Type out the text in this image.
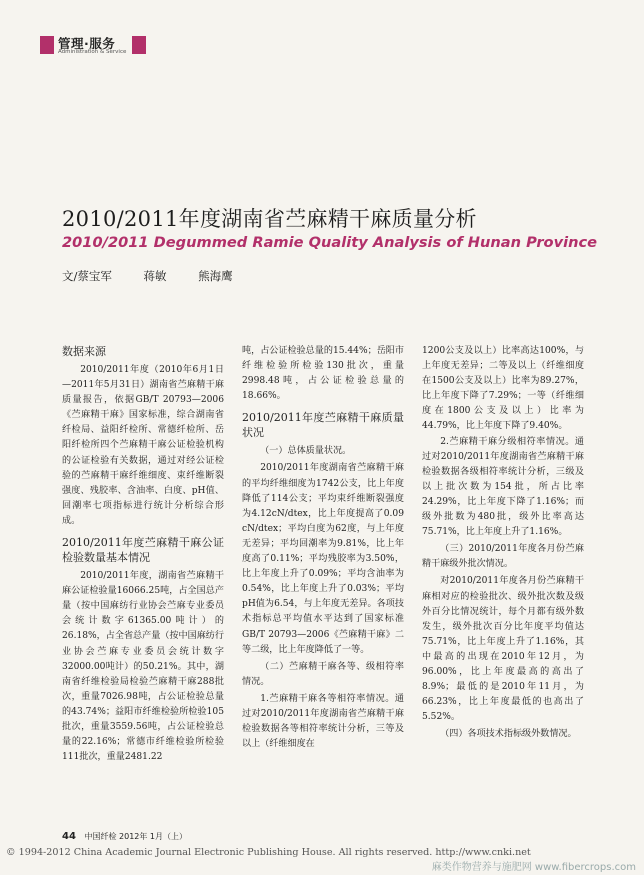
管理·服务
Administration & Service
2010/2011年度湖南省苎麻精干麻质量分析
2010/2011 Degummed Ramie Quality Analysis of Hunan Province
文/蔡宝军	蒋敏	熊海鹰
数据来源

2010/2011年度（2010年6月1日—2011年5月31日）湖南省苎麻精干麻质量报告，依据GB/T 20793—2006《苎麻精干麻》国家标准，综合湖南省纤检局、益阳纤检所、常德纤检所、岳阳纤检所四个苎麻精干麻公证检验机构的公证检验有关数据，通过对经公证检验的苎麻精干麻纤维细度、束纤维断裂强度、残胶率、含油率、白度、pH值、回潮率七项指标进行统计分析综合形成。

2010/2011年度苎麻精干麻公证检验数量基本情况

2010/2011年度，湖南省苎麻精干麻公证检验量16066.25吨，占全国总产量（按中国麻纺行业协会苎麻专业委员会统计数字61365.00吨计）的26.18%，占全省总产量（按中国麻纺行业协会苎麻专业委员会统计数字32000.00吨计）的50.21%。其中，湖南省纤维检验局检验苎麻精干麻288批次，重量7026.98吨，占公证检验总量的43.74%；益阳市纤维检验所检验105批次，重量3559.56吨，占公证检验总量的22.16%；常德市纤维检验所检验111批次，重量2481.22

吨，占公证检验总量的15.44%；岳阳市纤维检验所检验130批次，重量2998.48吨，占公证检验总量的18.66%。

2010/2011年度苎麻精干麻质量状况

（一）总体质量状况。

2010/2011年度湖南省苎麻精干麻的平均纤维细度为1742公支，比上年度降低了114公支；平均束纤维断裂强度为4.12cN/dtex，比上年度提高了0.09 cN/dtex；平均白度为62度，与上年度无差异；平均回潮率为9.81%，比上年度高了0.11%；平均残胶率为3.50%，比上年度上升了0.09%；平均含油率为0.54%，比上年度上升了0.03%；平均pH值为6.54，与上年度无差异。各项技术指标总平均值水平达到了国家标准GB/T 20793—2006《苎麻精干麻》二等二级，比上年度降低了一等。

（二）苎麻精干麻各等、级相符率情况。

1.苎麻精干麻各等相符率情况。通过对2010/2011年度湖南省苎麻精干麻检验数据各等相符率统计分析，三等及以上（纤维细度在

1200公支及以上）比率高达100%，与上年度无差异；二等及以上（纤维细度在1500公支及以上）比率为89.27%，比上年度下降了7.29%；一等（纤维细度在1800公支及以上）比率为44.79%，比上年度下降了9.40%。

2.苎麻精干麻分级相符率情况。通过对2010/2011年度湖南省苎麻精干麻检验数据各级相符率统计分析，三级及以上批次数为154批，所占比率24.29%，比上年度下降了1.16%；而级外批数为480批，级外比率高达75.71%，比上年度上升了1.16%。

（三）2010/2011年度各月份苎麻精干麻级外批次情况。

对2010/2011年度各月份苎麻精干麻相对应的检验批次、级外批次数及级外百分比情况统计，每个月都有级外数发生，级外批次百分比年度平均值达75.71%，比上年度上升了1.16%，其中最高的出现在2010年12月，为96.00%，比上年度最高的高出了8.9%；最低的是2010年11月，为66.23%，比上年度最低的也高出了5.52%。

（四）各项技术指标级外数情况。

44 中国纤检 2012年 1月（上）
© 1994-2012 China Academic Journal Electronic Publishing House. All rights reserved. http://www.cnki.net
麻类作物营养与施肥网 www.fibercrops.com
